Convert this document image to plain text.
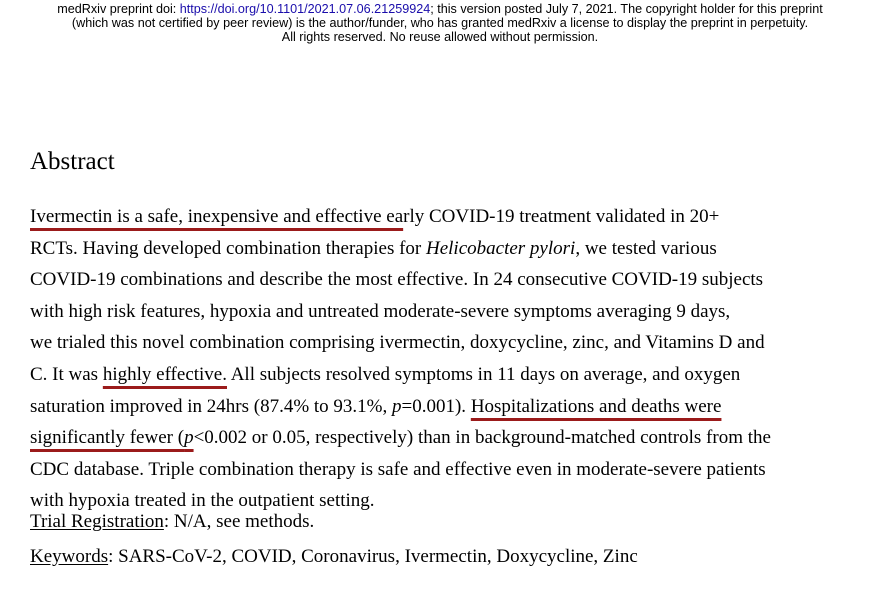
medRxiv preprint doi: https://doi.org/10.1101/2021.07.06.21259924; this version posted July 7, 2021. The copyright holder for this preprint
(which was not certified by peer review) is the author/funder, who has granted medRxiv a license to display the preprint in perpetuity.
All rights reserved. No reuse allowed without permission.
Abstract
Ivermectin is a safe, inexpensive and effective early COVID-19 treatment validated in 20+
RCTs. Having developed combination therapies for Helicobacter pylori, we tested various
COVID-19 combinations and describe the most effective. In 24 consecutive COVID-19 subjects
with high risk features, hypoxia and untreated moderate-severe symptoms averaging 9 days,
we trialed this novel combination comprising ivermectin, doxycycline, zinc, and Vitamins D and
C. It was highly effective. All subjects resolved symptoms in 11 days on average, and oxygen
saturation improved in 24hrs (87.4% to 93.1%, p=0.001). Hospitalizations and deaths were
significantly fewer (p<0.002 or 0.05, respectively) than in background-matched controls from the
CDC database. Triple combination therapy is safe and effective even in moderate-severe patients
with hypoxia treated in the outpatient setting.
Trial Registration: N/A, see methods.
Keywords: SARS-CoV-2, COVID, Coronavirus, Ivermectin, Doxycycline, Zinc
